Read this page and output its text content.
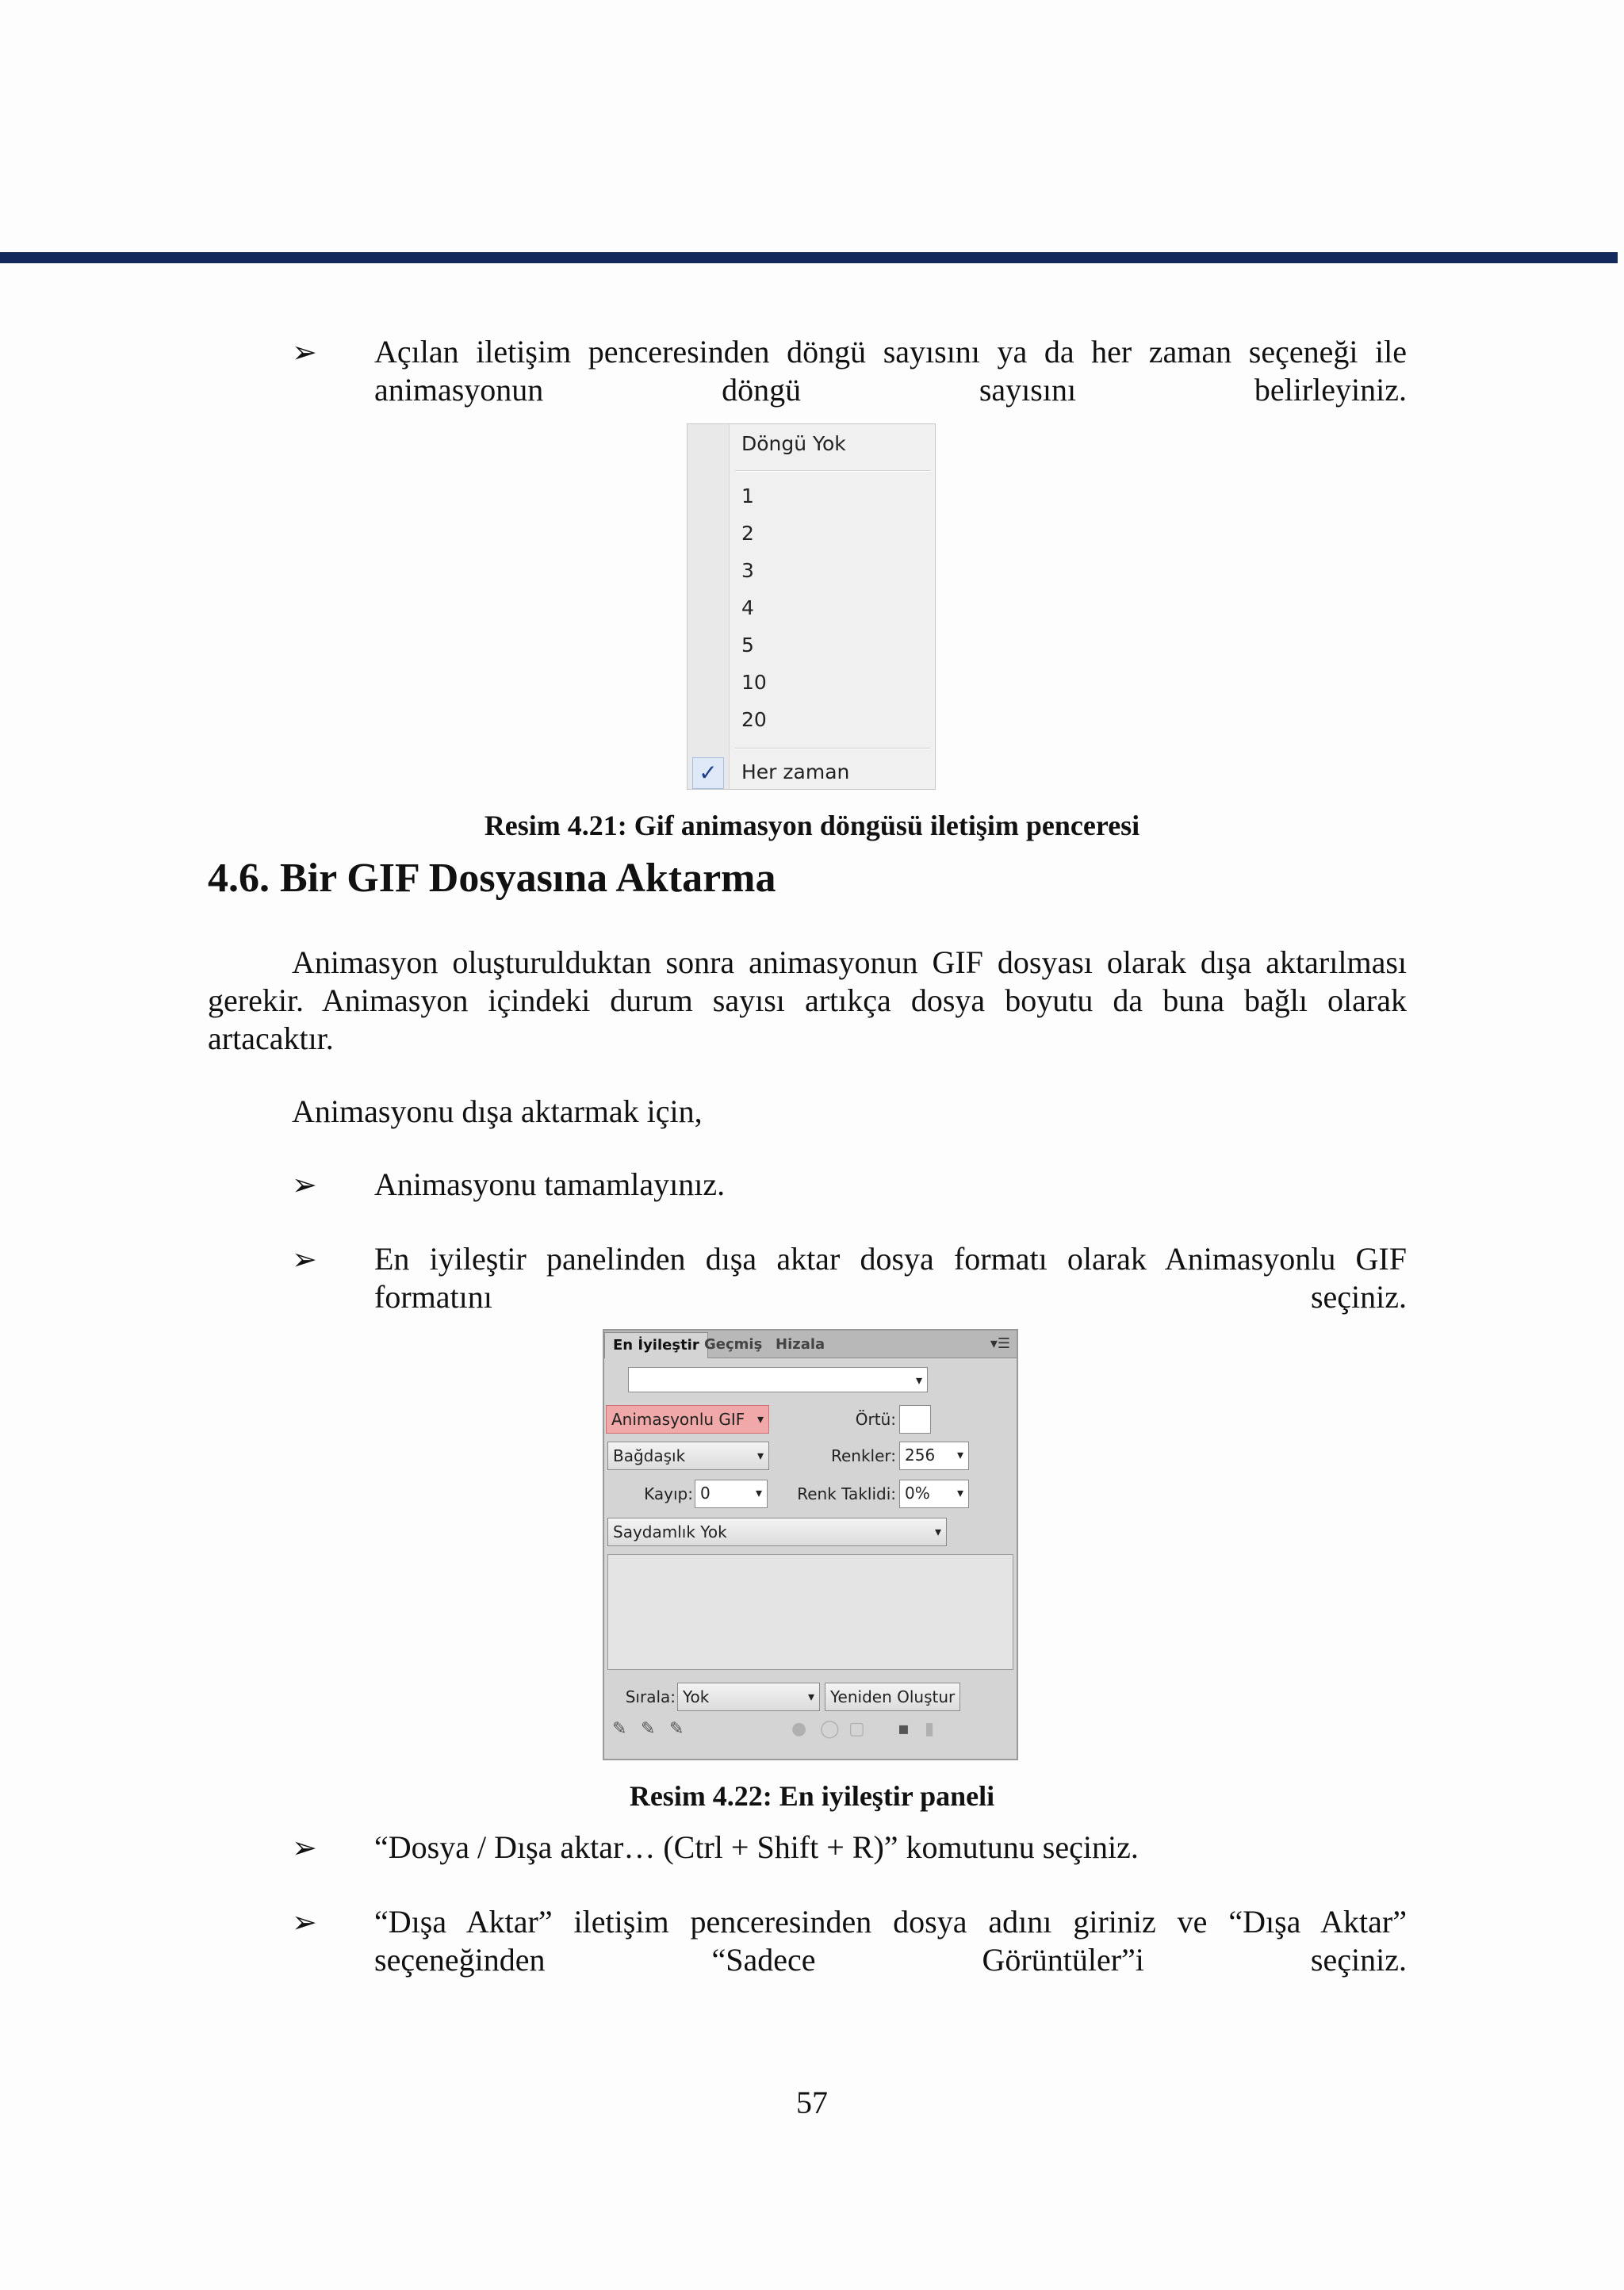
➢ Açılan iletişim penceresinden döngü sayısını ya da her zaman seçeneği ile animasyonun döngü sayısını belirleyiniz.
Döngü Yok
1
2
3
4
5
10
20
✓	Her zaman
Resim 4.21: Gif animasyon döngüsü iletişim penceresi
4.6. Bir GIF Dosyasına Aktarma
Animasyon oluşturulduktan sonra animasyonun GIF dosyası olarak dışa aktarılması gerekir. Animasyon içindeki durum sayısı artıkça dosya boyutu da buna bağlı olarak artacaktır.
Animasyonu dışa aktarmak için,
➢ Animasyonu tamamlayınız.
➢ En iyileştir panelinden dışa aktar dosya formatı olarak Animasyonlu GIF formatını seçiniz.
En İyileştir Geçmiş Hizala	▾☰
▾
Animasyonlu GIF ▾	Örtü:
Bağdaşık	▾	Renkler: 256 ▾
Kayıp: 0	▾	Renk Taklidi: 0% ▾
Saydamlık Yok	▾
Sırala: Yok	▾	Yeniden Oluştur
✎ ✎ ✎	● ◯ ▢ ▪ ▮
Resim 4.22: En iyileştir paneli
➢ “Dosya / Dışa aktar… (Ctrl + Shift + R)” komutunu seçiniz.
➢ “Dışa Aktar” iletişim penceresinden dosya adını giriniz ve “Dışa Aktar” seçeneğinden “Sadece Görüntüler”i seçiniz.
57
